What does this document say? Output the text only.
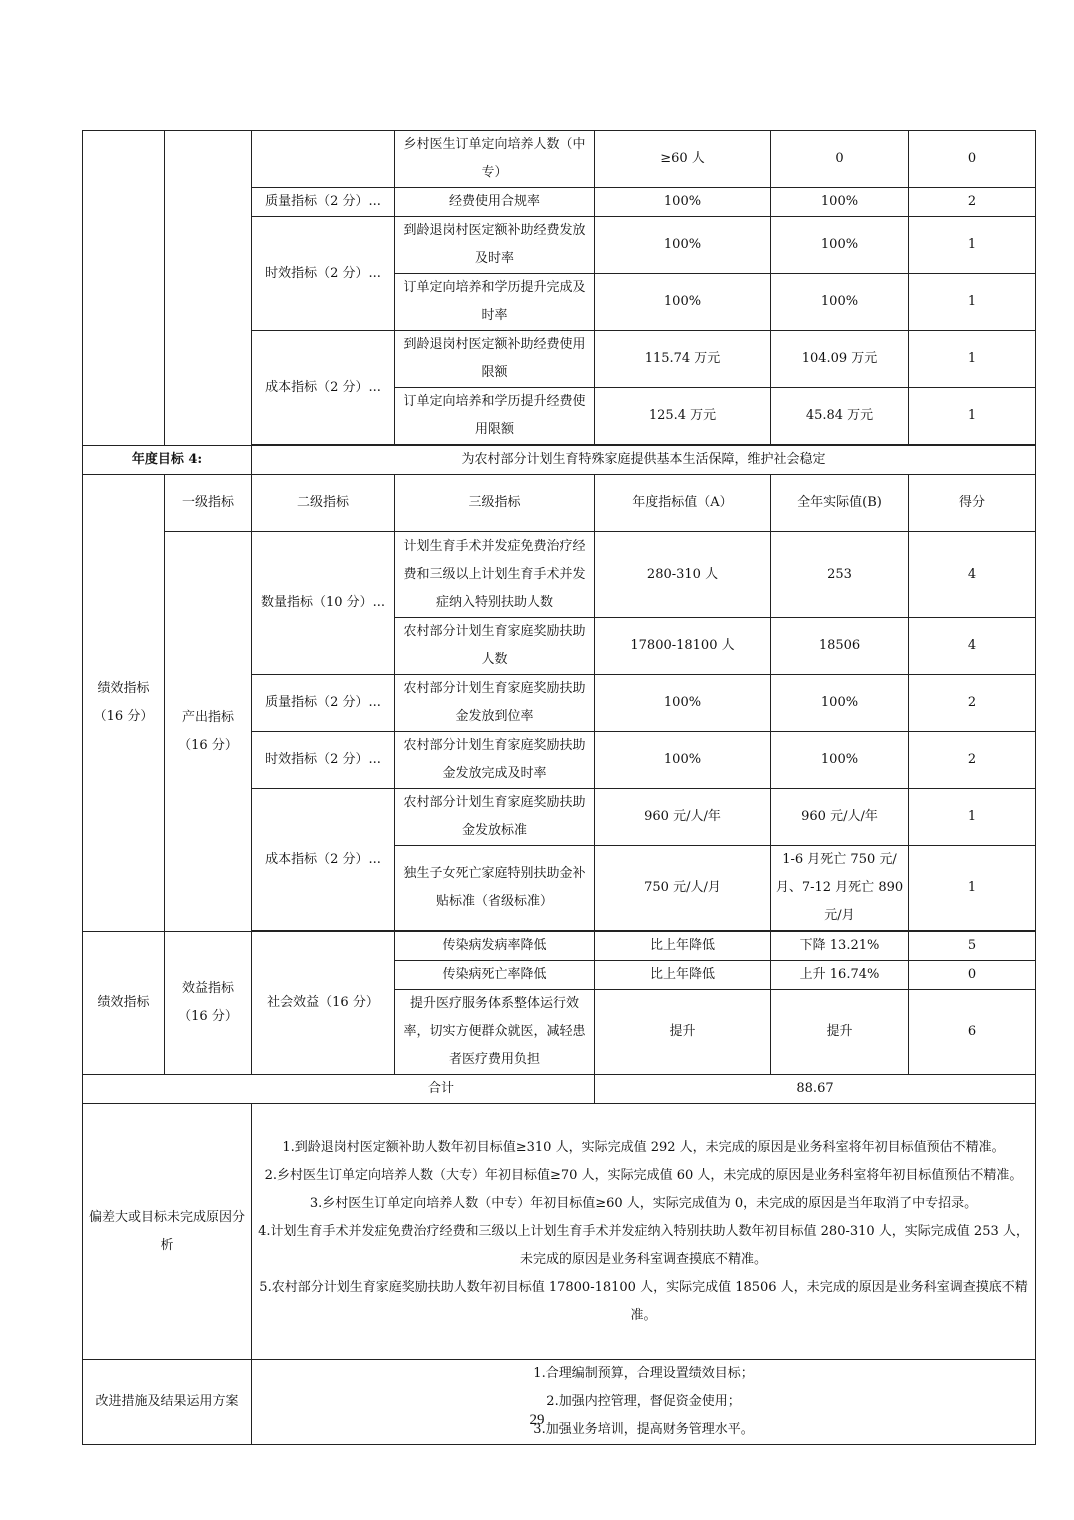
			乡村医生订单定向培养人数（中专）	≥60 人	0	0
		质量指标（2 分）...	经费使用合规率	100%	100%	2
		时效指标（2 分）...	到龄退岗村医定额补助经费发放及时率	100%	100%	1
			订单定向培养和学历提升完成及时率	100%	100%	1
		成本指标（2 分）...	到龄退岗村医定额补助经费使用限额	115.74 万元	104.09 万元	1
			订单定向培养和学历提升经费使用限额	125.4 万元	45.84 万元	1

年度目标 4:		为农村部分计划生育特殊家庭提供基本生活保障，维护社会稳定				
绩效指标（16 分）	一级指标	二级指标	三级指标	年度指标值（A）	全年实际值(B)	得分
	产出指标（16 分）	数量指标（10 分）...	计划生育手术并发症免费治疗经费和三级以上计划生育手术并发症纳入特别扶助人数	280-310 人	253	4
			农村部分计划生育家庭奖励扶助人数	17800-18100 人	18506	4
		质量指标（2 分）...	农村部分计划生育家庭奖励扶助金发放到位率	100%	100%	2
		时效指标（2 分）...	农村部分计划生育家庭奖励扶助金发放完成及时率	100%	100%	2
		成本指标（2 分）...	农村部分计划生育家庭奖励扶助金发放标准	960 元/人/年	960 元/人/年	1
			独生子女死亡家庭特别扶助金补贴标准（省级标准）	750 元/人/月	1-6 月死亡 750 元/月、7-12 月死亡 890 元/月	1

绩效指标	效益指标（16 分）	社会效益（16 分）	传染病发病率降低	比上年降低	下降 13.21%	5
			传染病死亡率降低	比上年降低	上升 16.74%	0
			提升医疗服务体系整体运行效率，切实方便群众就医，减轻患者医疗费用负担	提升	提升	6
合计				88.67		
偏差大或目标未完成原因分析		1.到龄退岗村医定额补助人数年初目标值≥310 人，实际完成值 292 人，未完成的原因是业务科室将年初目标值预估不精准。

2.乡村医生订单定向培养人数（大专）年初目标值≥70 人，实际完成值 60 人，未完成的原因是业务科室将年初目标值预估不精准。

3.乡村医生订单定向培养人数（中专）年初目标值≥60 人，实际完成值为 0，未完成的原因是当年取消了中专招录。

4.计划生育手术并发症免费治疗经费和三级以上计划生育手术并发症纳入特别扶助人数年初目标值 280-310 人，实际完成值 253 人，未完成的原因是业务科室调查摸底不精准。

5.农村部分计划生育家庭奖励扶助人数年初目标值 17800-18100 人，实际完成值 18506 人，未完成的原因是业务科室调查摸底不精准。				

改进措施及结果运用方案		1.合理编制预算，合理设置绩效目标；

2.加强内控管理，督促资金使用；

3.加强业务培训，提高财务管理水平。				

29
